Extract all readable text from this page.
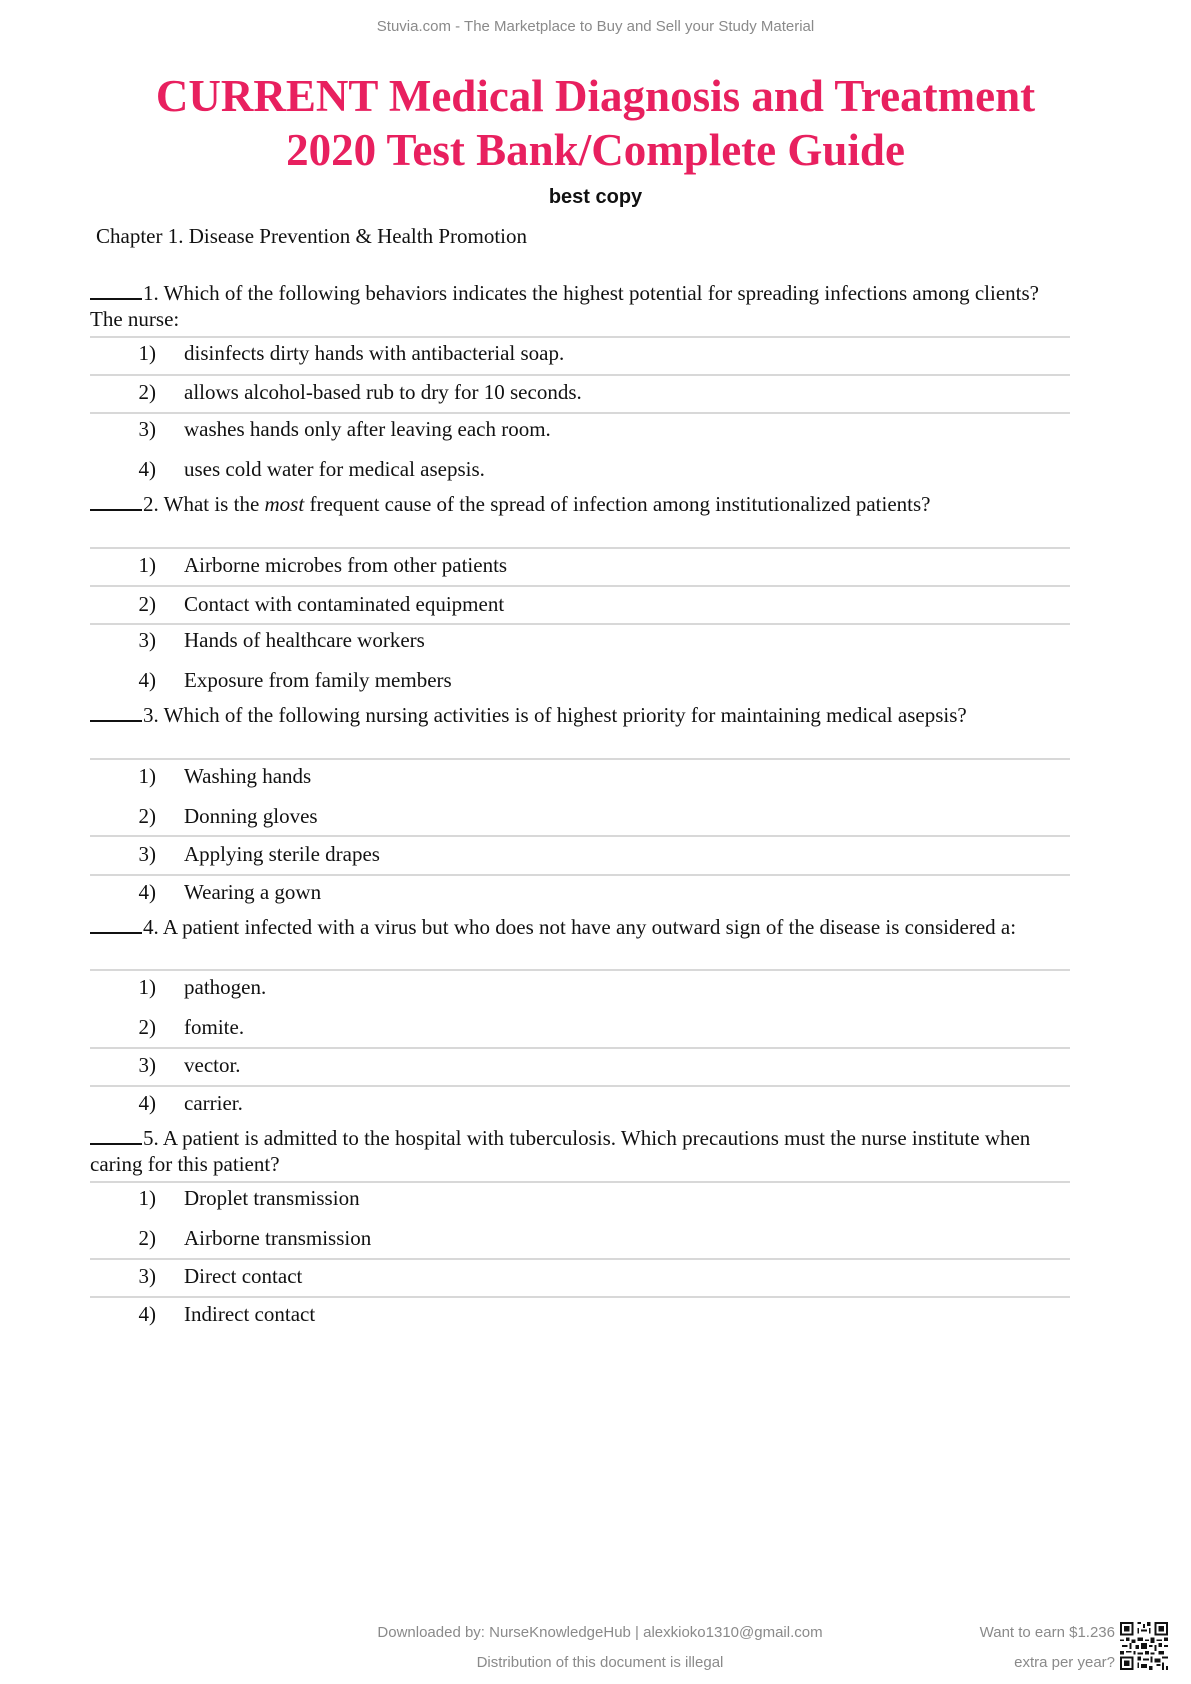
Stuvia.com - The Marketplace to Buy and Sell your Study Material
CURRENT Medical Diagnosis and Treatment
2020 Test Bank/Complete Guide
best copy
Chapter 1. Disease Prevention & Health Promotion
1. Which of the following behaviors indicates the highest potential for spreading infections among clients? The nurse:
1) disinfects dirty hands with antibacterial soap.
2) allows alcohol-based rub to dry for 10 seconds.
3) washes hands only after leaving each room.
4) uses cold water for medical asepsis.
2. What is the most frequent cause of the spread of infection among institutionalized patients?
1) Airborne microbes from other patients
2) Contact with contaminated equipment
3) Hands of healthcare workers
4) Exposure from family members
3. Which of the following nursing activities is of highest priority for maintaining medical asepsis?
1) Washing hands
2) Donning gloves
3) Applying sterile drapes
4) Wearing a gown
4. A patient infected with a virus but who does not have any outward sign of the disease is considered a:
1) pathogen.
2) fomite.
3) vector.
4) carrier.
5. A patient is admitted to the hospital with tuberculosis. Which precautions must the nurse institute when caring for this patient?
1) Droplet transmission
2) Airborne transmission
3) Direct contact
4) Indirect contact
Downloaded by: NurseKnowledgeHub | alexkioko1310@gmail.com
Distribution of this document is illegal
Want to earn $1.236
extra per year?
